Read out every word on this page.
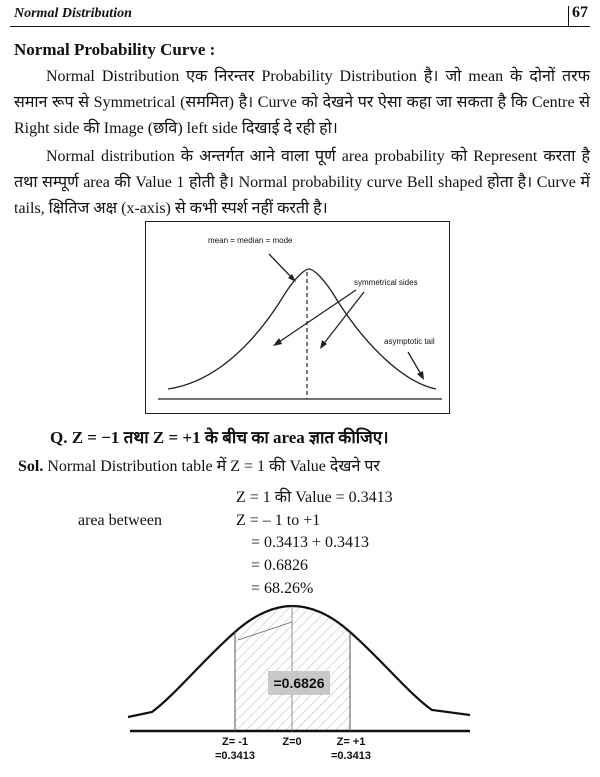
Normal Distribution	67
Normal Probability Curve :

Normal Distribution एक निरन्तर Probability Distribution है। जो mean के दोनों तरफ समान रूप से Symmetrical (सममित) है। Curve को देखने पर ऐसा कहा जा सकता है कि Centre से Right side की Image (छवि) left side दिखाई दे रही हो।

Normal distribution के अन्तर्गत आने वाला पूर्ण area probability को Represent करता है तथा सम्पूर्ण area की Value 1 होती है। Normal probability curve Bell shaped होता है। Curve में tails, क्षितिज अक्ष (x-axis) से कभी स्पर्श नहीं करती है।

mean = median = mode
symmetrical sides
asymptotic tail
Q. Z = −1 तथा Z = +1 के बीच का area ज्ञात कीजिए।
Sol. Normal Distribution table में Z = 1 की Value देखने पर
Z = 1 की Value = 0.3413
area between	Z = – 1 to +1
= 0.3413 + 0.3413
= 0.6826
= 68.26%
=0.6826
Z= -1
=0.3413
Z=0	Z= +1
=0.3413
